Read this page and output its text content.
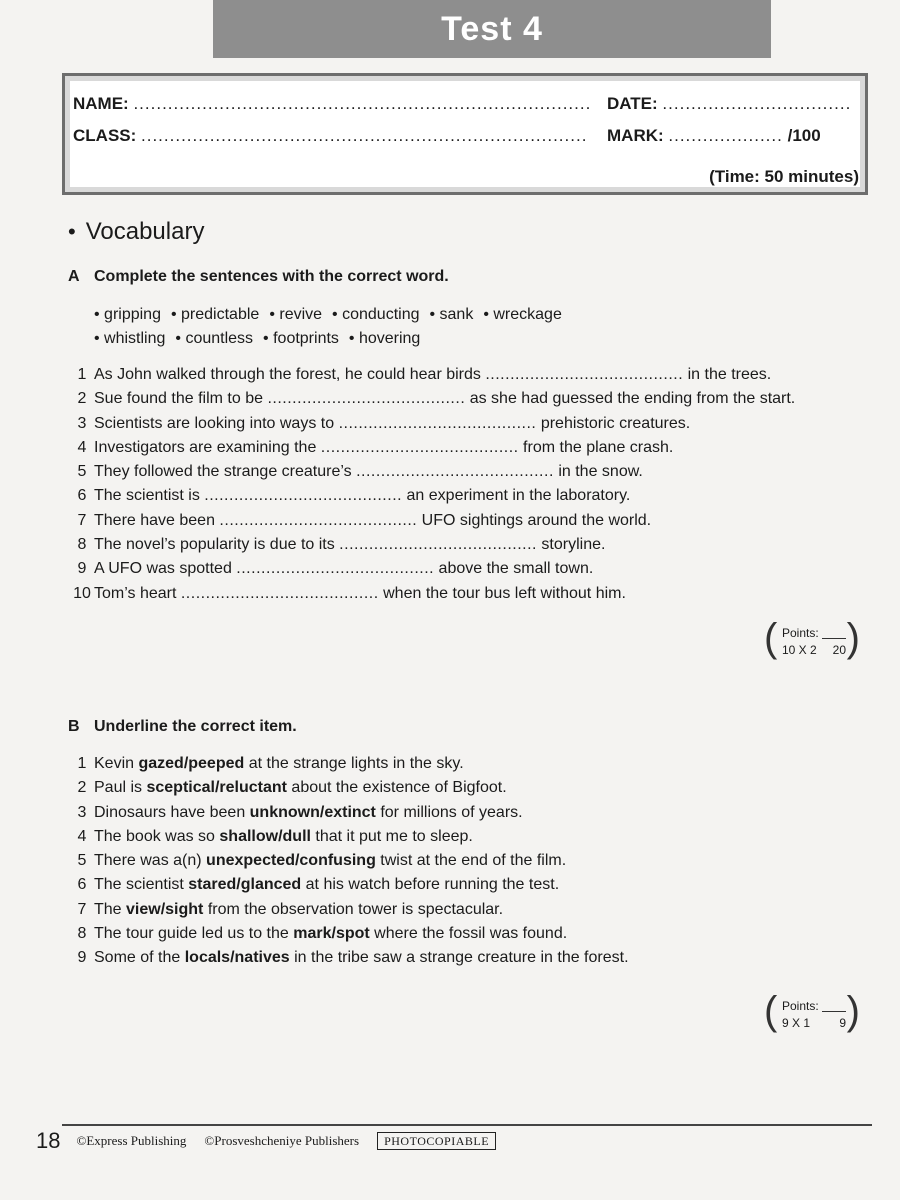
Test 4
NAME: ................................................................................
CLASS: ..............................................................................
DATE: .................................
MARK: .................... /100
(Time: 50 minutes)
• Vocabulary
A Complete the sentences with the correct word.
• gripping • predictable • revive • conducting • sank • wreckage
• whistling • countless • footprints • hovering
1 As John walked through the forest, he could hear birds ........................................ in the trees.
2 Sue found the film to be ........................................ as she had guessed the ending from the start.
3 Scientists are looking into ways to ........................................ prehistoric creatures.
4 Investigators are examining the ........................................ from the plane crash.
5 They followed the strange creature’s ........................................ in the snow.
6 The scientist is ........................................ an experiment in the laboratory.
7 There have been ........................................ UFO sightings around the world.
8 The novel’s popularity is due to its ........................................ storyline.
9 A UFO was spotted ........................................ above the small town.
10 Tom’s heart ........................................ when the tour bus left without him.
( Points:
10 X 2 20 )
B Underline the correct item.
1 Kevin gazed/peeped at the strange lights in the sky.
2 Paul is sceptical/reluctant about the existence of Bigfoot.
3 Dinosaurs have been unknown/extinct for millions of years.
4 The book was so shallow/dull that it put me to sleep.
5 There was a(n) unexpected/confusing twist at the end of the film.
6 The scientist stared/glanced at his watch before running the test.
7 The view/sight from the observation tower is spectacular.
8 The tour guide led us to the mark/spot where the fossil was found.
9 Some of the locals/natives in the tribe saw a strange creature in the forest.
( Points:
9 X 1 9 )
18 ©Express Publishing ©Prosveshcheniye Publishers PHOTOCOPIABLE
